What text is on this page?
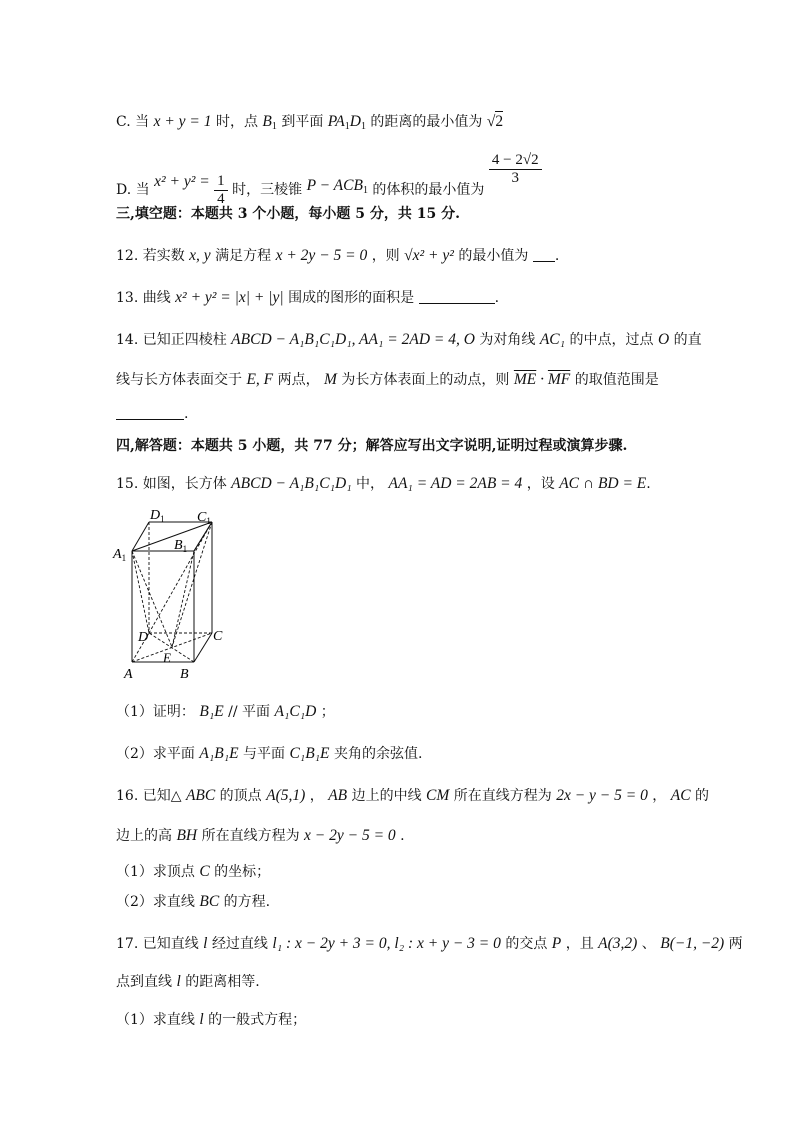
C. 当 x + y = 1 时，点 $B_1$ 到平面 $PA_1D_1$ 的距离的最小值为 √2
D. 当 $x^2 + y^2 = \frac{1}{4}$ 时，三棱锥 $P - ACB_1$ 的体积的最小值为
$\frac{4 - 2√2}{3}$
三,填空题：本题共 3 个小题，每小题 5 分，共 15 分.
12. 若实数 x, y 满足方程 x + 2y − 5 = 0 ，则 √x² + y² 的最小值为 .
13. 曲线 x² + y² = |x| + |y| 围成的图形的面积是	.
14. 已知正四棱柱 ABCD − A₁B₁C₁D₁, AA₁ = 2AD = 4, O 为对角线 AC₁ 的中点，过点 O 的直
线与长方体表面交于 E, F 两点， M 为长方体表面上的动点，则 $\overline{ME} \cdot \overline{MF}$ 的取值范围是
.
四,解答题：本题共 5 小题，共 77 分；解答应写出文字说明,证明过程或演算步骤.
15. 如图，长方体 ABCD − A₁B₁C₁D₁ 中， AA₁ = AD = 2AB = 4 ，设 AC ∩ BD = E.
$D_1$ $C_1$
$A_1$
$B_1$
D	C
A	B
E
（1）证明： B₁E // 平面 A₁C₁D ；
（2）求平面 A₁B₁E 与平面 C₁B₁E 夹角的余弦值.
16. 已知△ ABC 的顶点 A(5,1) ， AB 边上的中线 CM 所在直线方程为 2x − y − 5 = 0 ， AC 的
边上的高 BH 所在直线方程为 x − 2y − 5 = 0 .
（1）求顶点 C 的坐标；
（2）求直线 BC 的方程.
17. 已知直线 l 经过直线 l₁ : x − 2y + 3 = 0, l₂ : x + y − 3 = 0 的交点 P ，且 A(3,2) 、 B(−1, −2) 两
点到直线 l 的距离相等.
（1）求直线 l 的一般式方程；
